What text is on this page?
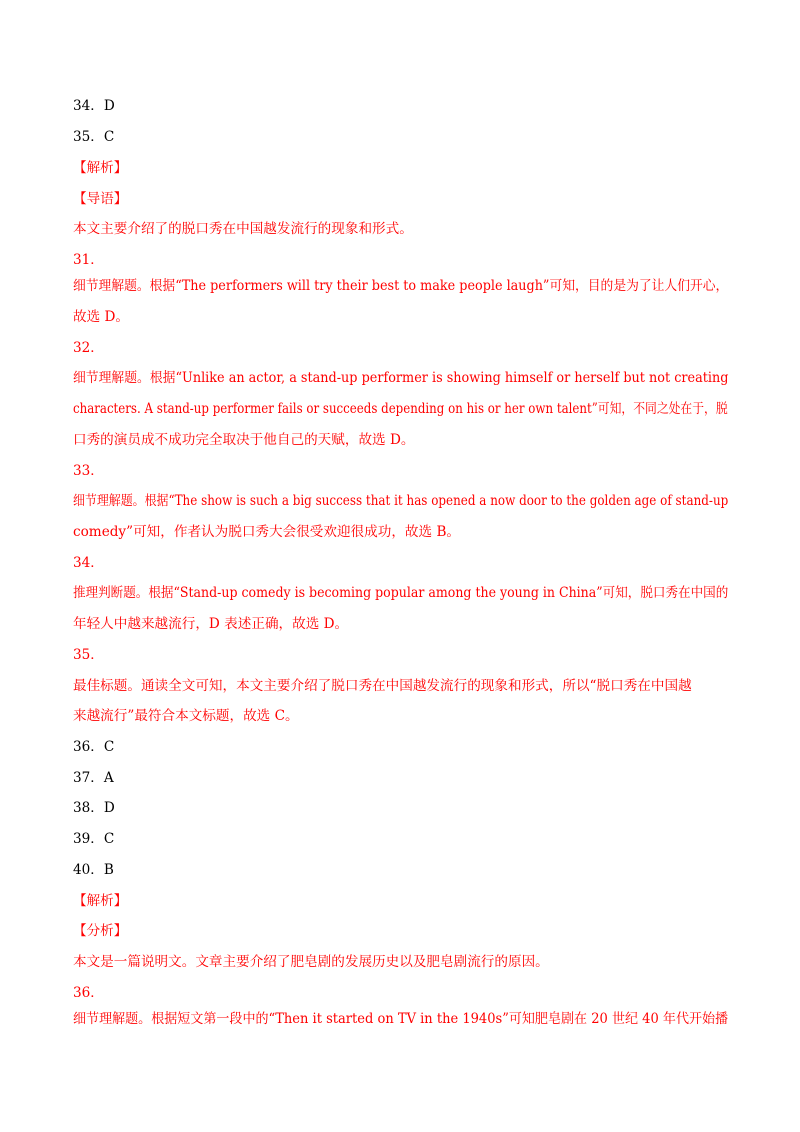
34．D
35．C
【解析】
【导语】
本文主要介绍了的脱口秀在中国越发流行的现象和形式。
31．
细节理解题。根据“The performers will try their best to make people laugh”可知，目的是为了让人们开心，
故选 D。
32．
细节理解题。根据“Unlike an actor, a stand-up performer is showing himself or herself but not creating
characters. A stand-up performer fails or succeeds depending on his or her own talent”可知，不同之处在于，脱
口秀的演员成不成功完全取决于他自己的天赋，故选 D。
33．
细节理解题。根据“The show is such a big success that it has opened a now door to the golden age of stand-up
comedy”可知，作者认为脱口秀大会很受欢迎很成功，故选 B。
34．
推理判断题。根据“Stand-up comedy is becoming popular among the young in China”可知，脱口秀在中国的
年轻人中越来越流行，D 表述正确，故选 D。
35．
最佳标题。通读全文可知，本文主要介绍了脱口秀在中国越发流行的现象和形式，所以“脱口秀在中国越
来越流行”最符合本文标题，故选 C。
36．C
37．A
38．D
39．C
40．B
【解析】
【分析】
本文是一篇说明文。文章主要介绍了肥皂剧的发展历史以及肥皂剧流行的原因。
36．
细节理解题。根据短文第一段中的“Then it started on TV in the 1940s”可知肥皂剧在 20 世纪 40 年代开始播
